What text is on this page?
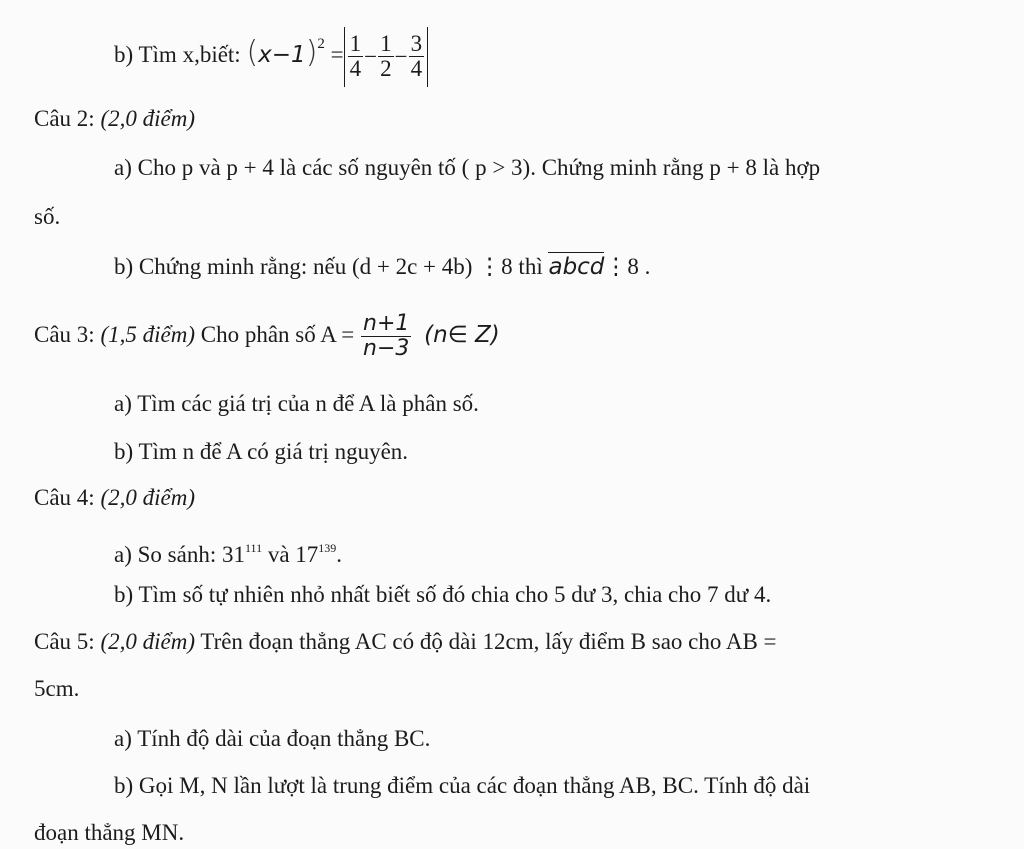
b) Tìm x,biết: $(x-1)^2 = \frac{1}{4} - \frac{1}{2} - \frac{3}{4}$
Câu 2: (2,0 điểm)
a) Cho p và p + 4 là các số nguyên tố ( p > 3). Chứng minh rằng p + 8 là hợp
số.
b) Chứng minh rằng: nếu (d + 2c + 4b) ⋮8 thì abcd⋮8 .
Câu 3: (1,5 điểm) Cho phân số $A = \frac{n+1}{n-3}$ (n∈ Z)
a) Tìm các giá trị của n để A là phân số.
b) Tìm n để A có giá trị nguyên.
Câu 4: (2,0 điểm)
a) So sánh: $31^{111}$ và $17^{139}$.
b) Tìm số tự nhiên nhỏ nhất biết số đó chia cho 5 dư 3, chia cho 7 dư 4.
Câu 5: (2,0 điểm) Trên đoạn thẳng AC có độ dài 12cm, lấy điểm B sao cho AB =
5cm.
a) Tính độ dài của đoạn thẳng BC.
b) Gọi M, N lần lượt là trung điểm của các đoạn thẳng AB, BC. Tính độ dài
đoạn thẳng MN.
